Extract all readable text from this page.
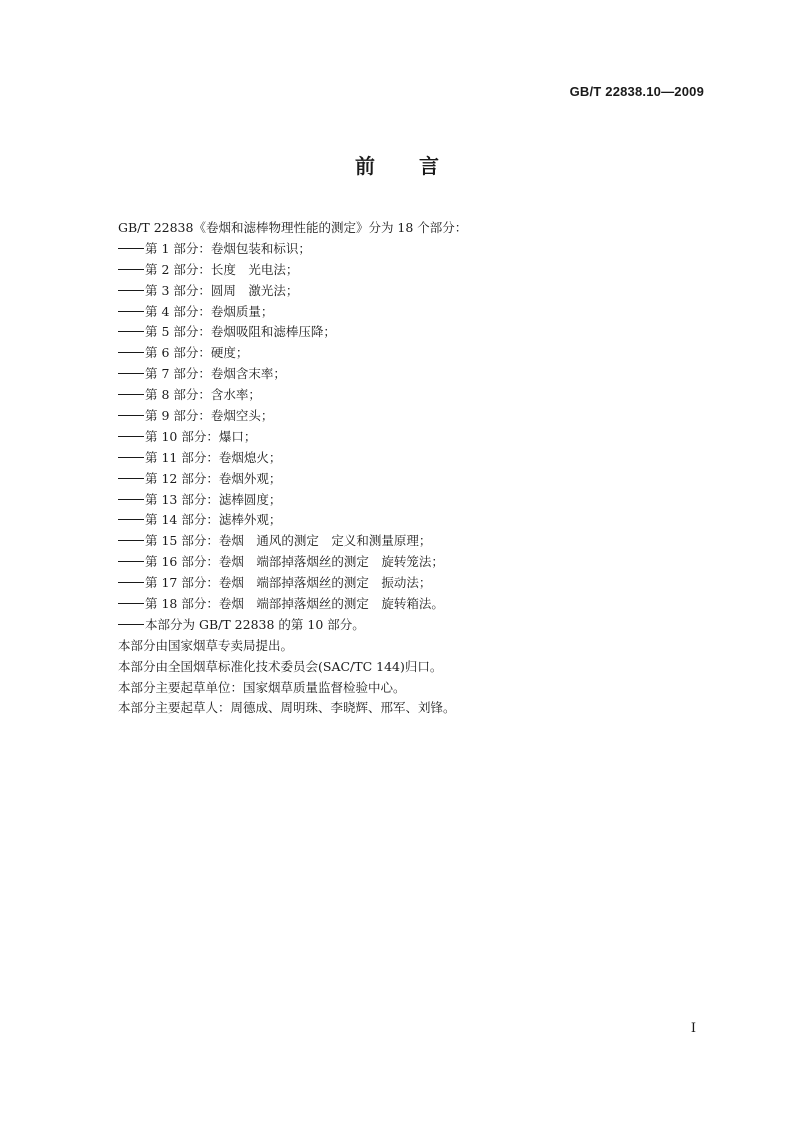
GB/T 22838.10—2009
前言
GB/T 22838《卷烟和滤棒物理性能的测定》分为 18 个部分：
第 1 部分：卷烟包装和标识；
第 2 部分：长度　光电法；
第 3 部分：圆周　激光法；
第 4 部分：卷烟质量；
第 5 部分：卷烟吸阻和滤棒压降；
第 6 部分：硬度；
第 7 部分：卷烟含末率；
第 8 部分：含水率；
第 9 部分：卷烟空头；
第 10 部分：爆口；
第 11 部分：卷烟熄火；
第 12 部分：卷烟外观；
第 13 部分：滤棒圆度；
第 14 部分：滤棒外观；
第 15 部分：卷烟　通风的测定　定义和测量原理；
第 16 部分：卷烟　端部掉落烟丝的测定　旋转笼法；
第 17 部分：卷烟　端部掉落烟丝的测定　振动法；
第 18 部分：卷烟　端部掉落烟丝的测定　旋转箱法。
本部分为 GB/T 22838 的第 10 部分。
本部分由国家烟草专卖局提出。
本部分由全国烟草标准化技术委员会(SAC/TC 144)归口。
本部分主要起草单位：国家烟草质量监督检验中心。
本部分主要起草人：周德成、周明珠、李晓辉、邢军、刘锋。
I
